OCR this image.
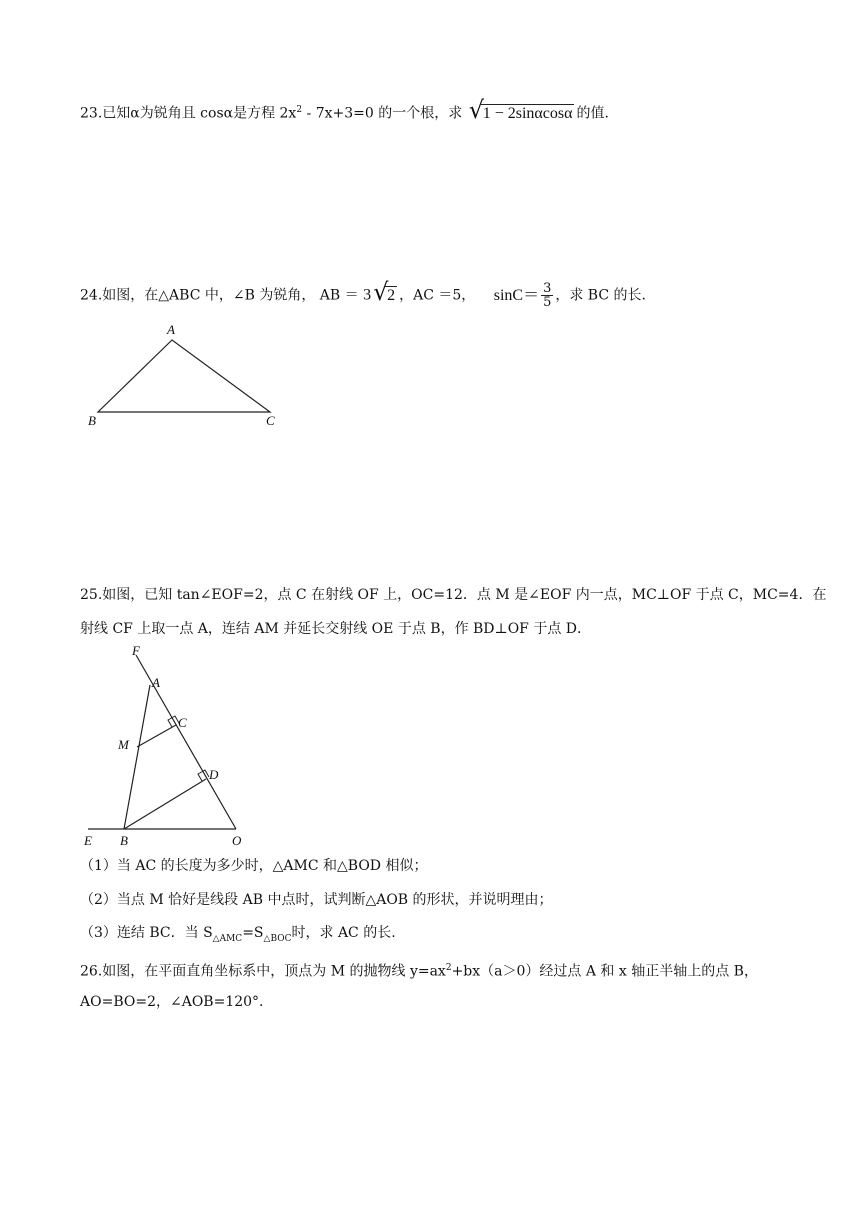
23.已知α为锐角且 cosα是方程 $2x^2 - 7x+3=0$ 的一个根，求 √
1 − 2sinαcosα 的值.
24.如图，在△ABC 中，∠B 为锐角， AB ＝ 3 √
2 ，AC ＝5， $\sin C= \frac{3}{5}$ ，求 BC 的长.
A
B	C
25.如图，已知 tan∠EOF=2，点 C 在射线 OF 上，OC=12．点 M 是∠EOF 内一点，MC⊥OF 于点 C，MC=4．在
射线 CF 上取一点 A，连结 AM 并延长交射线 OE 于点 B，作 BD⊥OF 于点 D．
F
A
C
M
D
E B	O
（1）当 AC 的长度为多少时，△AMC 和△BOD 相似；
（2）当点 M 恰好是线段 AB 中点时，试判断△AOB 的形状，并说明理由；
（3）连结 BC．当 $S_{\triangle AMC}=S_{\triangle BOC}$时，求 AC 的长.
26.如图，在平面直角坐标系中，顶点为 M 的抛物线 $y=ax^2+bx(a>0)$经过点 A 和 x 轴正半轴上的点 B，
AO=BO=2，∠AOB=120°.
